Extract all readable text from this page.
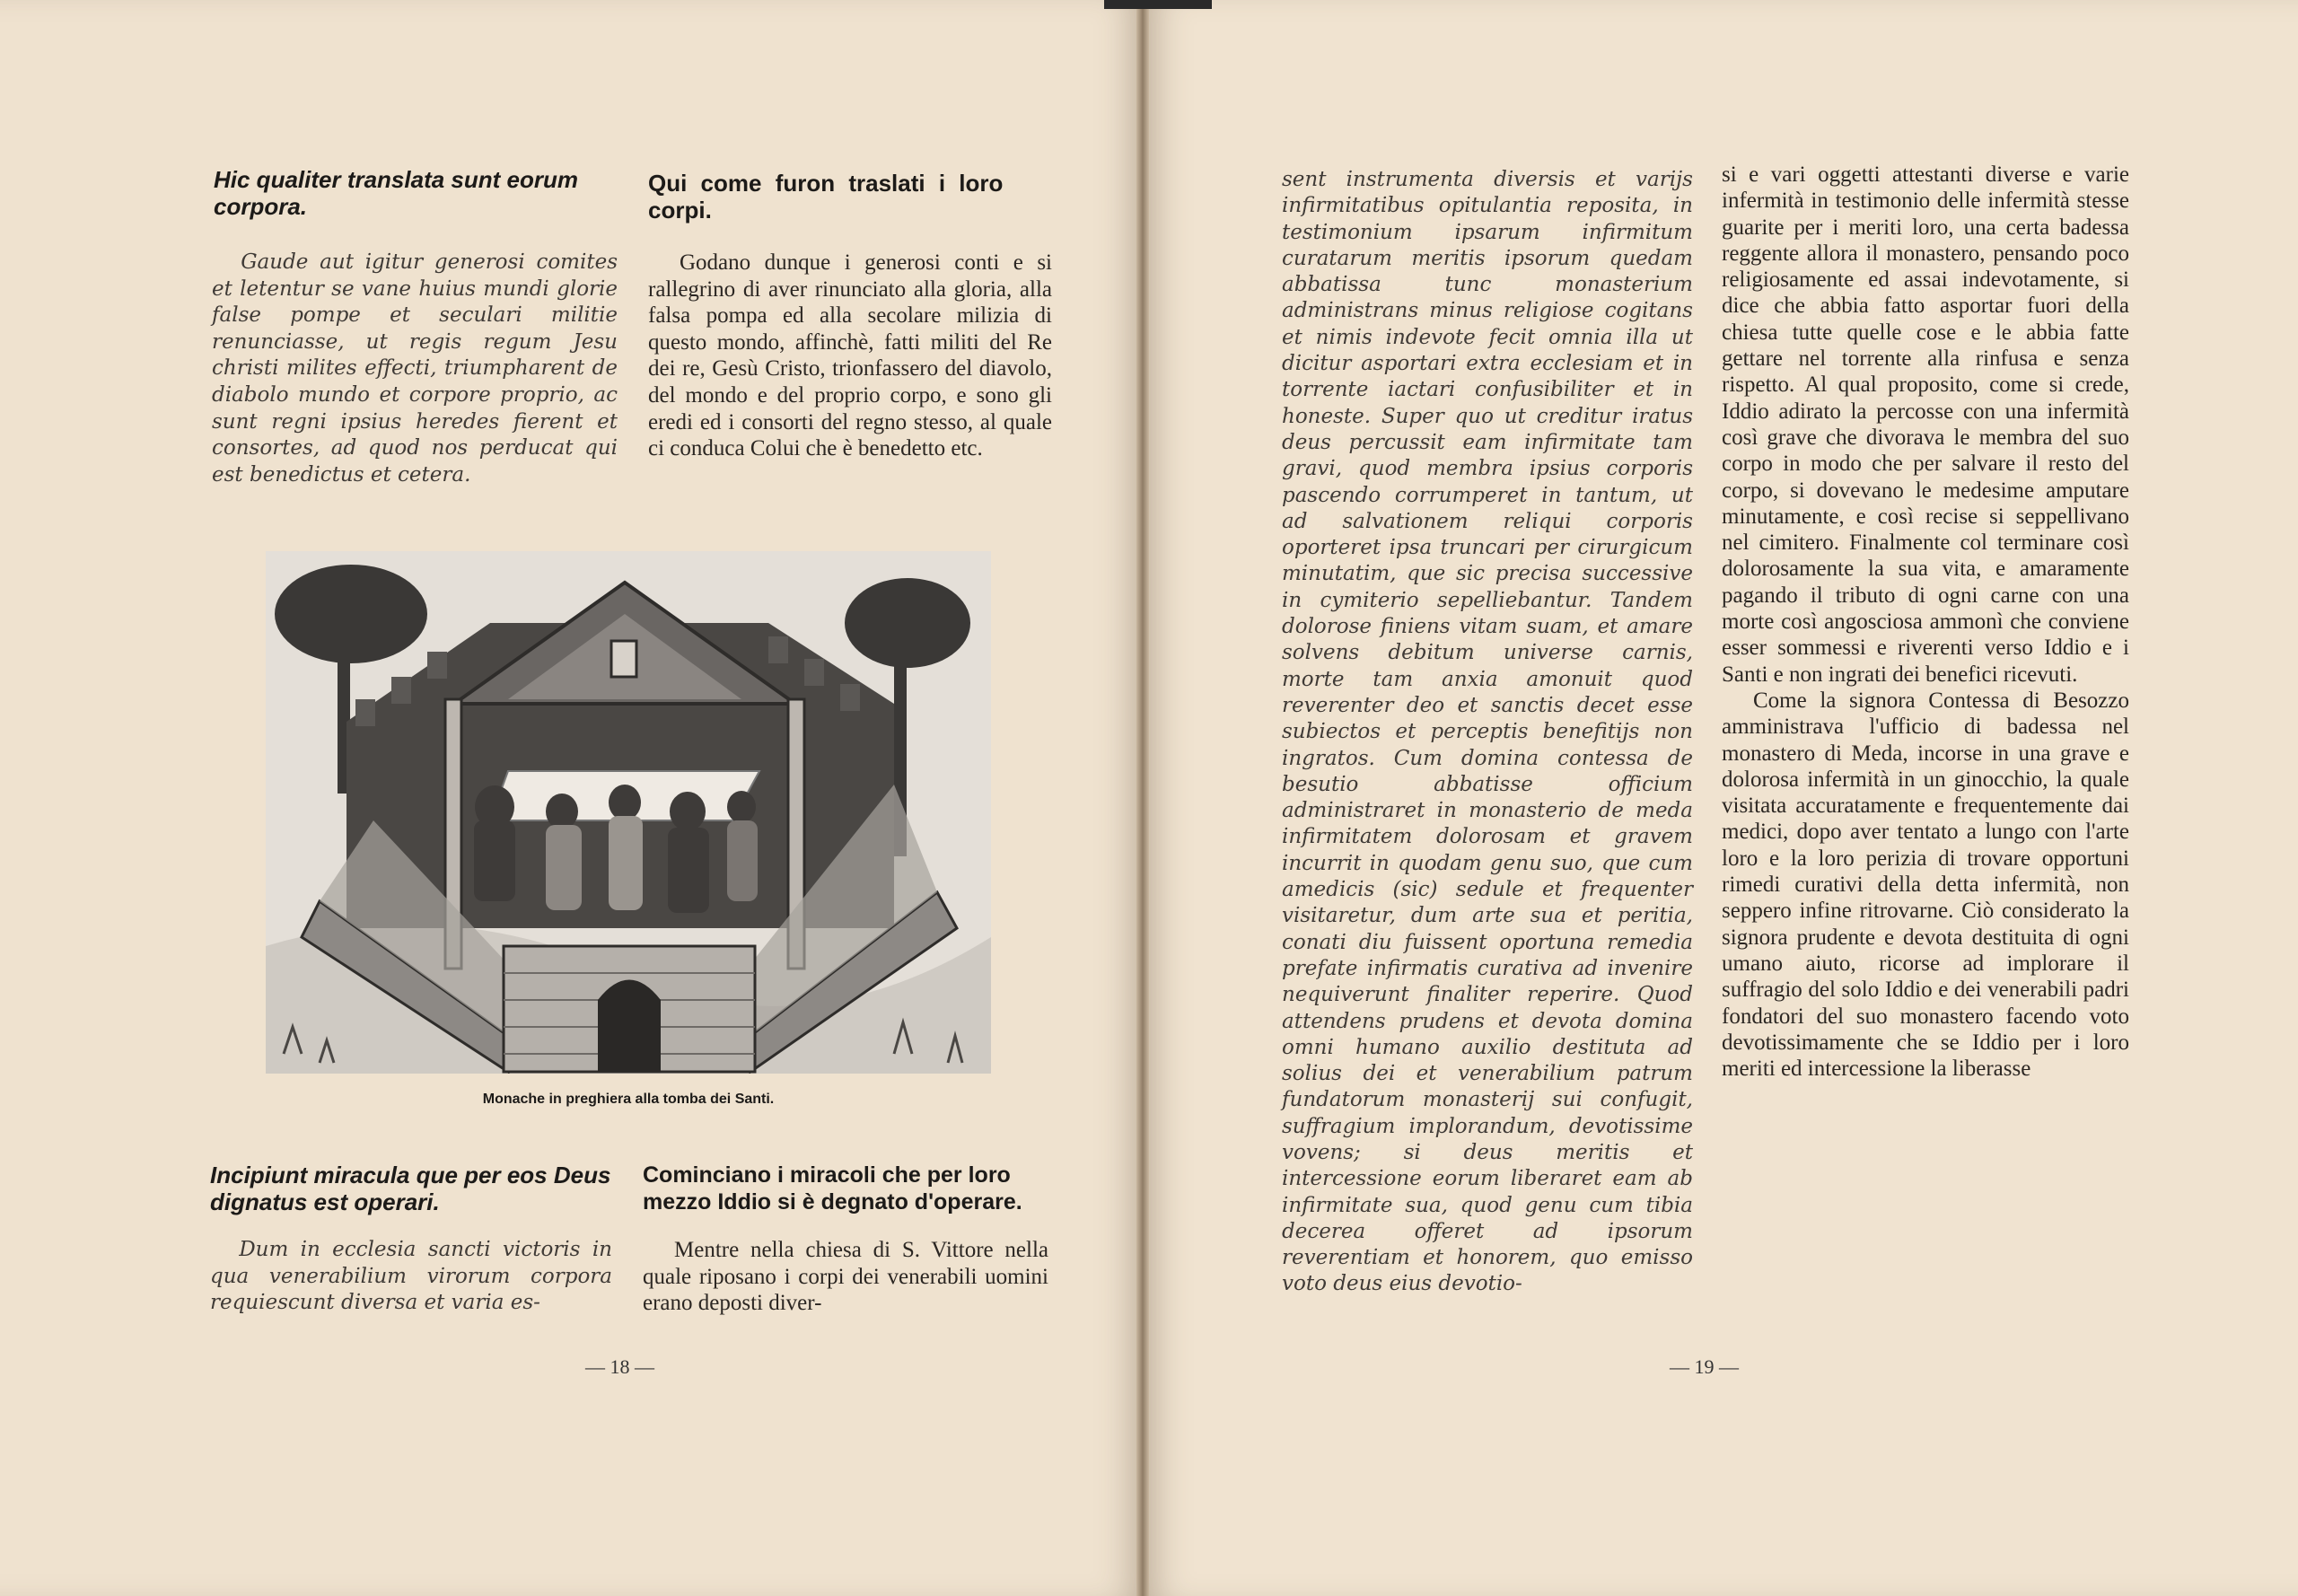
Hic qualiter translata sunt eorum corpora.
Qui come furon traslati i loro corpi.
Gaude aut igitur generosi comites et letentur se vane huius mundi glorie false pompe et seculari militie renunciasse, ut regis regum Jesu christi milites effecti, triumpharent de diabolo mundo et corpore proprio, ac sunt regni ipsius heredes fierent et consortes, ad quod nos perducat qui est benedictus et cetera.
Godano dunque i generosi conti e si rallegrino di aver rinunciato alla gloria, alla falsa pompa ed alla secolare milizia di questo mondo, affinchè, fatti militi del Re dei re, Gesù Cristo, trionfassero del diavolo, del mondo e del proprio corpo, e sono gli eredi ed i consorti del regno stesso, al quale ci conduca Colui che è benedetto etc.
Monache in preghiera alla tomba dei Santi.
Incipiunt miracula que per eos Deus dignatus est operari.
Cominciano i miracoli che per loro mezzo Iddio si è degnato d'operare.
Dum in ecclesia sancti victoris in qua venerabilium virorum corpora requiescunt diversa et varia es-
Mentre nella chiesa di S. Vittore nella quale riposano i corpi dei venerabili uomini erano deposti diver-
— 18 —
sent instrumenta diversis et varijs infirmitatibus opitulantia reposita, in testimonium ipsarum infirmitum curatarum meritis ipsorum quedam abbatissa tunc monasterium administrans minus religiose cogitans et nimis indevote fecit omnia illa ut dicitur asportari extra ecclesiam et in torrente iactari confusibiliter et in honeste. Super quo ut creditur iratus deus percussit eam infirmitate tam gravi, quod membra ipsius corporis pascendo corrumperet in tantum, ut ad salvationem reliqui corporis oporteret ipsa truncari per cirurgicum minutatim, que sic precisa successive in cymiterio sepelliebantur. Tandem dolorose finiens vitam suam, et amare solvens debitum universe carnis, morte tam anxia amonuit quod reverenter deo et sanctis decet esse subiectos et perceptis benefitijs non ingratos. Cum domina contessa de besutio abbatisse officium administraret in monasterio de meda infirmitatem dolorosam et gravem incurrit in quodam genu suo, que cum amedicis (sic) sedule et frequenter visitaretur, dum arte sua et peritia, conati diu fuissent oportuna remedia prefate infirmatis curativa ad invenire nequiverunt finaliter reperire. Quod attendens prudens et devota domina omni humano auxilio destituta ad solius dei et venerabilium patrum fundatorum monasterij sui confugit, suffragium implorandum, devotissime vovens; si deus meritis et intercessione eorum liberaret eam ab infirmitate sua, quod genu cum tibia decerea offeret ad ipsorum reverentiam et honorem, quo emisso voto deus eius devotio-
si e vari oggetti attestanti diverse e varie infermità in testimonio delle infermità stesse guarite per i meriti loro, una certa badessa reggente allora il monastero, pensando poco religiosamente ed assai indevotamente, si dice che abbia fatto asportar fuori della chiesa tutte quelle cose e le abbia fatte gettare nel torrente alla rinfusa e senza rispetto. Al qual proposito, come si crede, Iddio adirato la percosse con una infermità così grave che divorava le membra del suo corpo in modo che per salvare il resto del corpo, si dovevano le medesime amputare minutamente, e così recise si seppellivano nel cimitero. Finalmente col terminare così dolorosamente la sua vita, e amaramente pagando il tributo di ogni carne con una morte così angosciosa ammonì che conviene esser sommessi e riverenti verso Iddio e i Santi e non ingrati dei benefici ricevuti.
Come la signora Contessa di Besozzo amministrava l'ufficio di badessa nel monastero di Meda, incorse in una grave e dolorosa infermità in un ginocchio, la quale visitata accuratamente e frequentemente dai medici, dopo aver tentato a lungo con l'arte loro e la loro perizia di trovare opportuni rimedi curativi della detta infermità, non seppero infine ritrovarne. Ciò considerato la signora prudente e devota destituita di ogni umano aiuto, ricorse ad implorare il suffragio del solo Iddio e dei venerabili padri fondatori del suo monastero facendo voto devotissimamente che se Iddio per i loro meriti ed intercessione la liberasse
— 19 —
